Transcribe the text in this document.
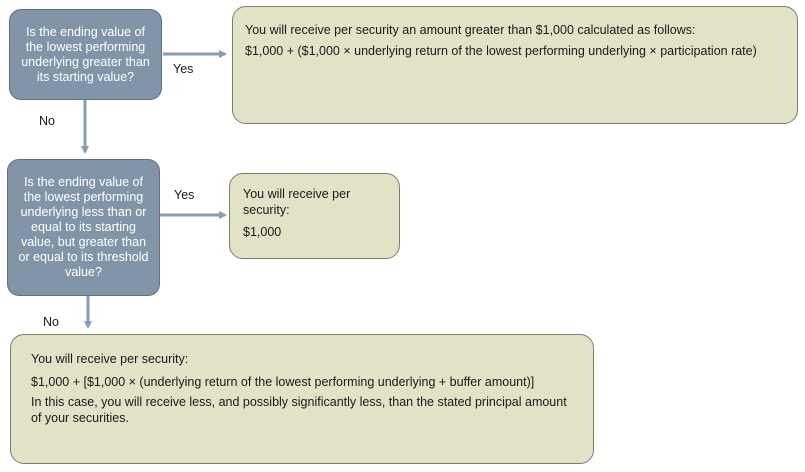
Is the ending value of the lowest performing underlying greater than its starting value?
Is the ending value of the lowest performing underlying less than or equal to its starting value, but greater than or equal to its threshold value?

You will receive per security an amount greater than $1,000 calculated as follows:

$1,000 + ($1,000 × underlying return of the lowest performing underlying × participation rate)

You will receive per security:

$1,000

You will receive per security:

$1,000 + [$1,000 × (underlying return of the lowest performing underlying + buffer amount)]

In this case, you will receive less, and possibly significantly less, than the stated principal amount of your securities.

Yes
No
Yes
No
